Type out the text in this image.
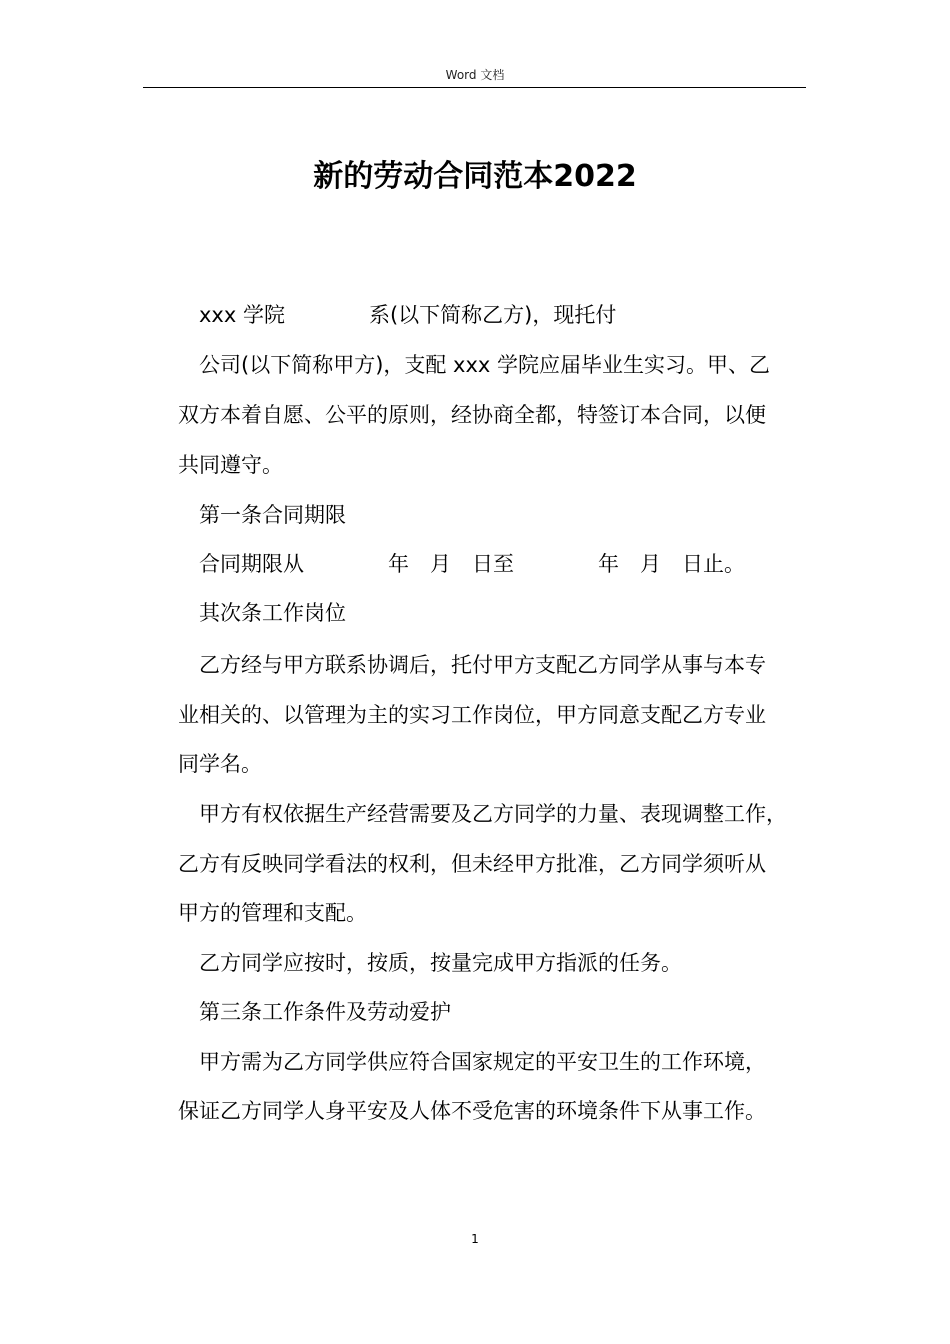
Word 文档
新的劳动合同范本2022
xxx 学院　　　　系(以下简称乙方)，现托付
公司(以下简称甲方)，支配 xxx 学院应届毕业生实习。甲、乙
双方本着自愿、公平的原则，经协商全都，特签订本合同，以便
共同遵守。
第一条合同期限
合同期限从　　　　年　月　日至　　　　年　月　日止。
其次条工作岗位
乙方经与甲方联系协调后，托付甲方支配乙方同学从事与本专
业相关的、以管理为主的实习工作岗位，甲方同意支配乙方专业
同学名。
甲方有权依据生产经营需要及乙方同学的力量、表现调整工作，
乙方有反映同学看法的权利，但未经甲方批准，乙方同学须听从
甲方的管理和支配。
乙方同学应按时，按质，按量完成甲方指派的任务。
第三条工作条件及劳动爱护
甲方需为乙方同学供应符合国家规定的平安卫生的工作环境，
保证乙方同学人身平安及人体不受危害的环境条件下从事工作。
1
